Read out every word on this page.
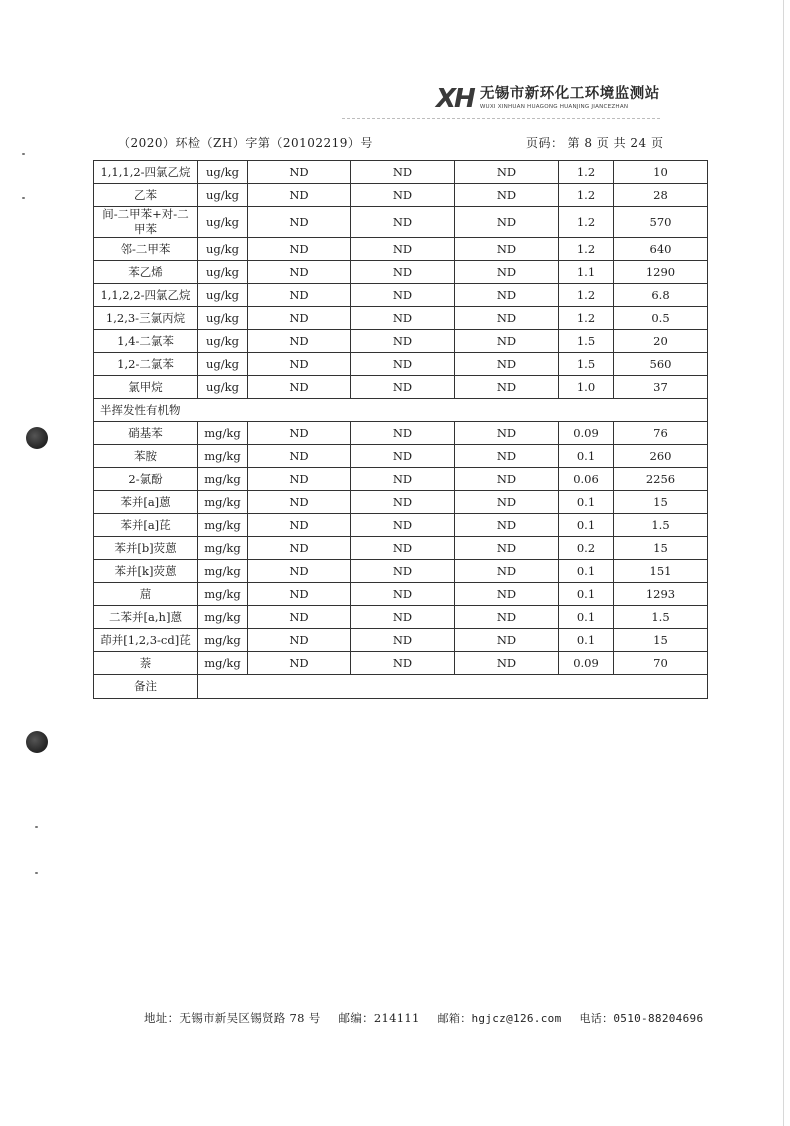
XH 无锡市新环化工环境监测站
WUXI XINHUAN HUAGONG HUANJING JIANCEZHAN
（2020）环检（ZH）字第（20102219）号	页码： 第 8 页 共 24 页
1,1,1,2-四氯乙烷	ug/kg	ND	ND	ND	1.2	10
乙苯	ug/kg	ND	ND	ND	1.2	28
间-二甲苯+对-二甲苯	ug/kg	ND	ND	ND	1.2	570
邻-二甲苯	ug/kg	ND	ND	ND	1.2	640
苯乙烯	ug/kg	ND	ND	ND	1.1	1290
1,1,2,2-四氯乙烷	ug/kg	ND	ND	ND	1.2	6.8
1,2,3-三氯丙烷	ug/kg	ND	ND	ND	1.2	0.5
1,4-二氯苯	ug/kg	ND	ND	ND	1.5	20
1,2-二氯苯	ug/kg	ND	ND	ND	1.5	560
氯甲烷	ug/kg	ND	ND	ND	1.0	37
半挥发性有机物						
硝基苯	mg/kg	ND	ND	ND	0.09	76
苯胺	mg/kg	ND	ND	ND	0.1	260
2-氯酚	mg/kg	ND	ND	ND	0.06	2256
苯并[a]蒽	mg/kg	ND	ND	ND	0.1	15
苯并[a]芘	mg/kg	ND	ND	ND	0.1	1.5
苯并[b]荧蒽	mg/kg	ND	ND	ND	0.2	15
苯并[k]荧蒽	mg/kg	ND	ND	ND	0.1	151
䓛	mg/kg	ND	ND	ND	0.1	1293
二苯并[a,h]蒽	mg/kg	ND	ND	ND	0.1	1.5
茚并[1,2,3-cd]芘	mg/kg	ND	ND	ND	0.1	15
萘	mg/kg	ND	ND	ND	0.09	70
备注						
地址：无锡市新吴区锡贤路 78 号 邮编：214111 邮箱：hgjcz@126.com 电话：0510-88204696
